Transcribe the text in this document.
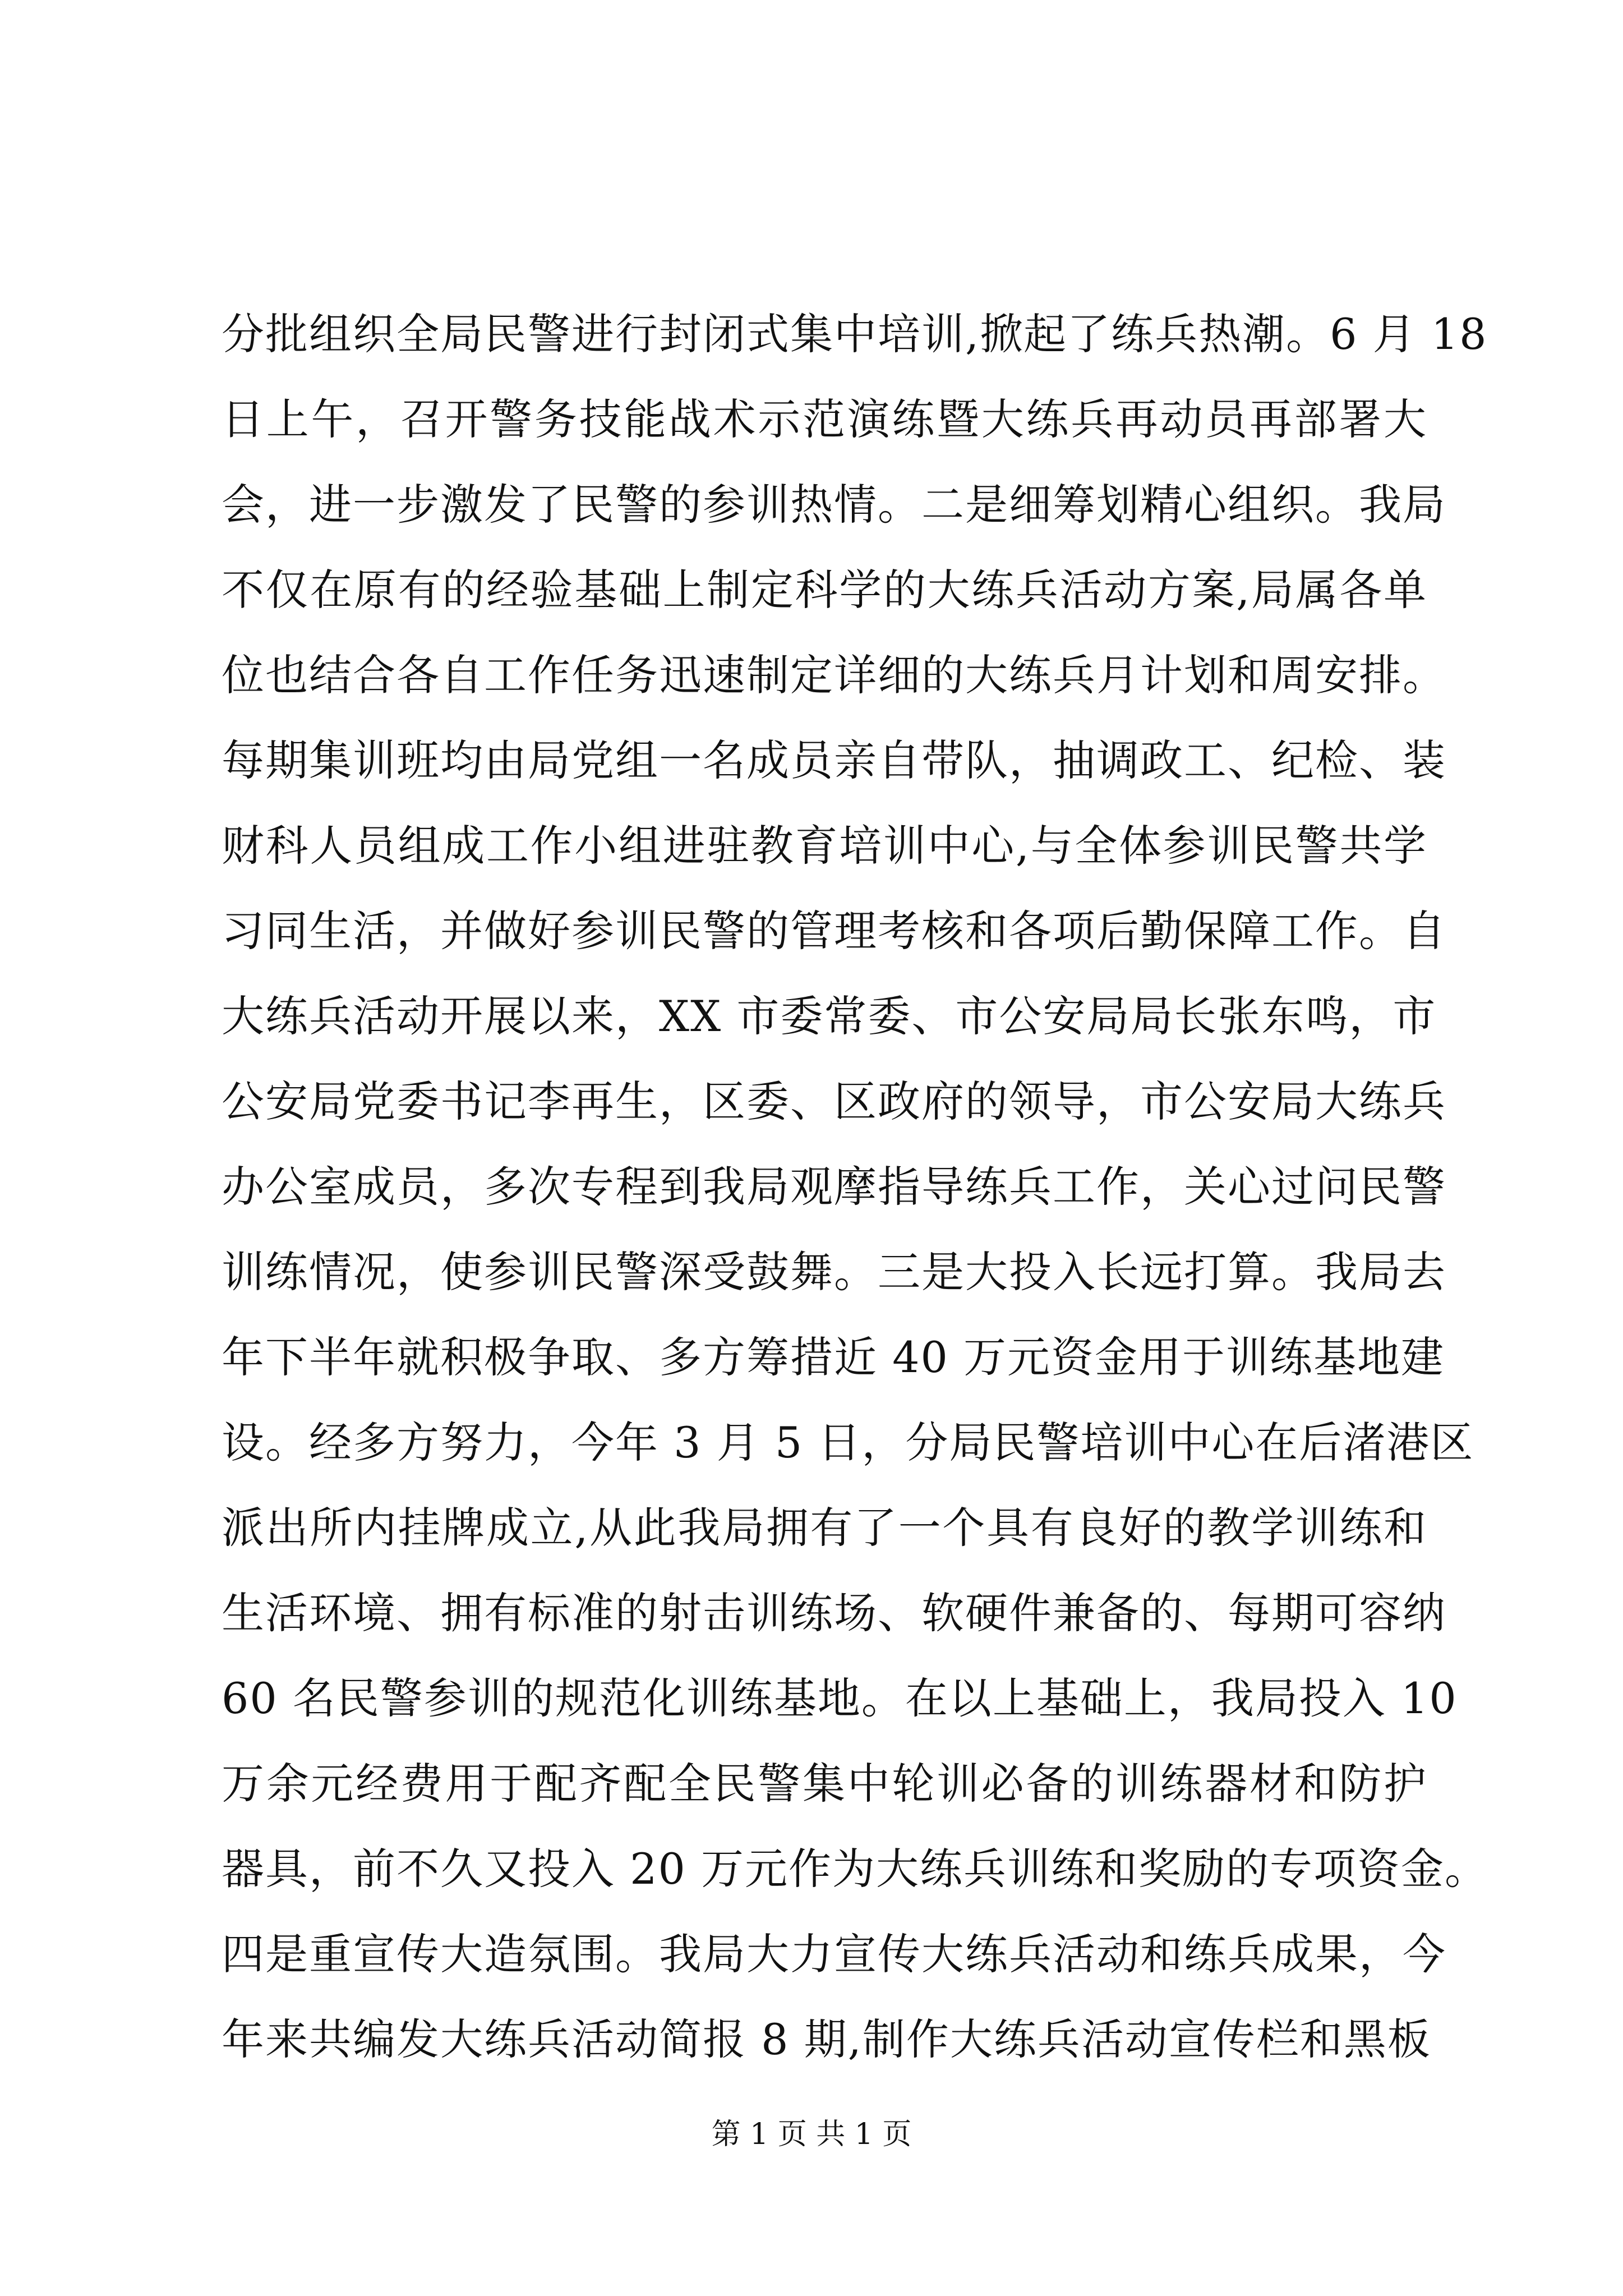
分批组织全局民警进行封闭式集中培训,掀起了练兵热潮。6 月 18
日上午，召开警务技能战术示范演练暨大练兵再动员再部署大
会，进一步激发了民警的参训热情。二是细筹划精心组织。我局
不仅在原有的经验基础上制定科学的大练兵活动方案,局属各单
位也结合各自工作任务迅速制定详细的大练兵月计划和周安排。
每期集训班均由局党组一名成员亲自带队，抽调政工、纪检、装
财科人员组成工作小组进驻教育培训中心,与全体参训民警共学
习同生活，并做好参训民警的管理考核和各项后勤保障工作。自
大练兵活动开展以来，XX 市委常委、市公安局局长张东鸣，市
公安局党委书记李再生，区委、区政府的领导，市公安局大练兵
办公室成员，多次专程到我局观摩指导练兵工作，关心过问民警
训练情况，使参训民警深受鼓舞。三是大投入长远打算。我局去
年下半年就积极争取、多方筹措近 40 万元资金用于训练基地建
设。经多方努力，今年 3 月 5 日，分局民警培训中心在后渚港区
派出所内挂牌成立,从此我局拥有了一个具有良好的教学训练和
生活环境、拥有标准的射击训练场、软硬件兼备的、每期可容纳
60 名民警参训的规范化训练基地。在以上基础上，我局投入 10
万余元经费用于配齐配全民警集中轮训必备的训练器材和防护
器具，前不久又投入 20 万元作为大练兵训练和奖励的专项资金。
四是重宣传大造氛围。我局大力宣传大练兵活动和练兵成果，今
年来共编发大练兵活动简报 8 期,制作大练兵活动宣传栏和黑板
第 1 页 共 1 页
